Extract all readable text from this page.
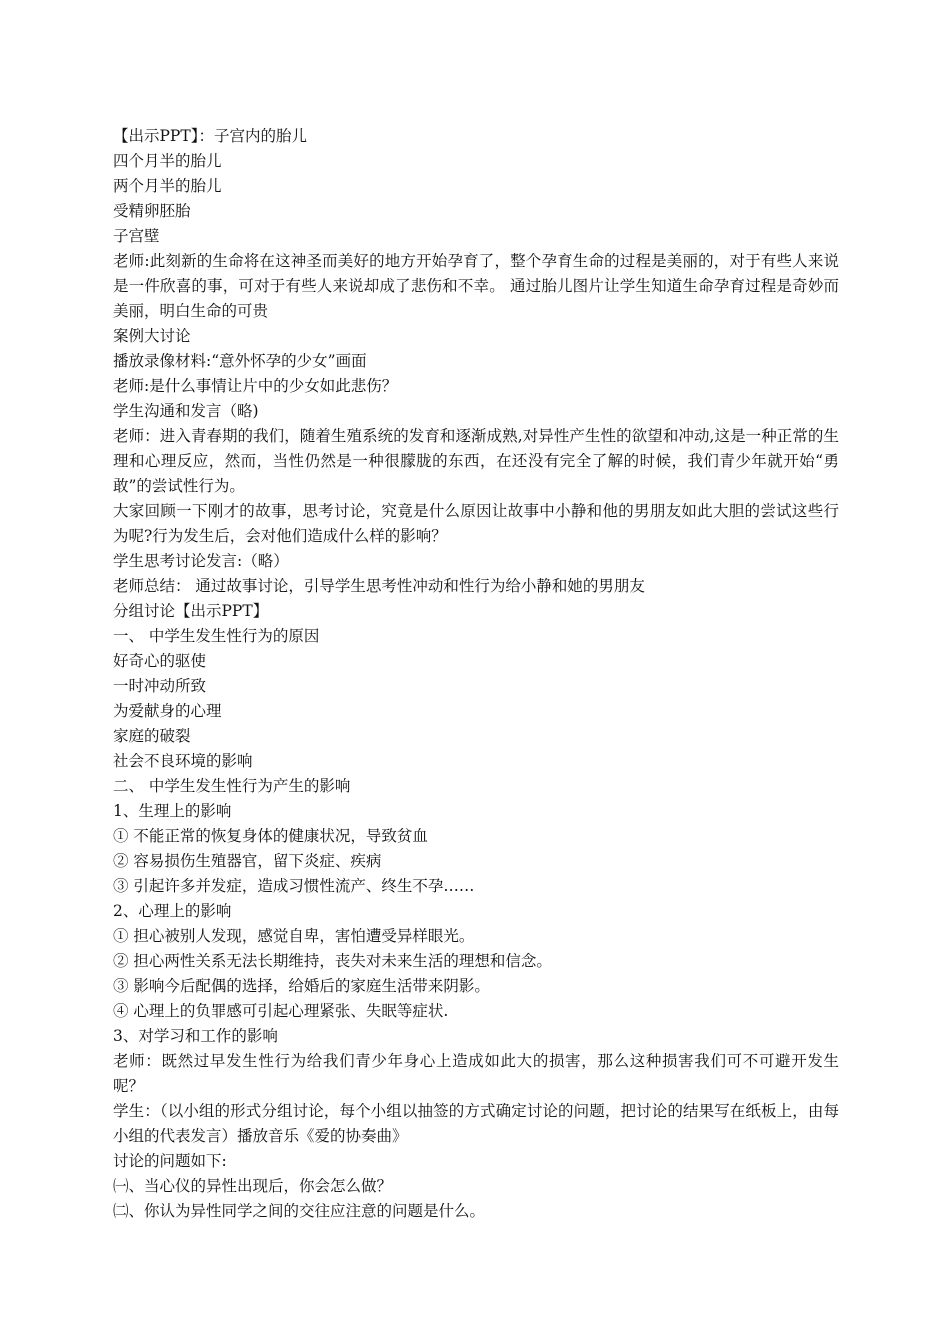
【出示PPT】：子宫内的胎儿

四个月半的胎儿

两个月半的胎儿

受精卵胚胎

子宫壁

老师:此刻新的生命将在这神圣而美好的地方开始孕育了，整个孕育生命的过程是美丽的，对于有些人来说是一件欣喜的事，可对于有些人来说却成了悲伤和不幸。 通过胎儿图片让学生知道生命孕育过程是奇妙而美丽，明白生命的可贵

案例大讨论

播放录像材料:“意外怀孕的少女”画面

老师:是什么事情让片中的少女如此悲伤？

学生沟通和发言（略)

老师：进入青春期的我们，随着生殖系统的发育和逐渐成熟,对异性产生性的欲望和冲动,这是一种正常的生理和心理反应，然而，当性仍然是一种很朦胧的东西，在还没有完全了解的时候，我们青少年就开始“勇敢”的尝试性行为。

大家回顾一下刚才的故事，思考讨论，究竟是什么原因让故事中小静和他的男朋友如此大胆的尝试这些行为呢?行为发生后，会对他们造成什么样的影响？

学生思考讨论发言:（略）

老师总结： 通过故事讨论，引导学生思考性冲动和性行为给小静和她的男朋友

分组讨论【出示PPT】

一、 中学生发生性行为的原因

好奇心的驱使

一时冲动所致

为爱献身的心理

家庭的破裂

社会不良环境的影响

二、 中学生发生性行为产生的影响

1、生理上的影响

① 不能正常的恢复身体的健康状况，导致贫血

② 容易损伤生殖器官，留下炎症、疾病

③ 引起许多并发症，造成习惯性流产、终生不孕……

2、心理上的影响

① 担心被别人发现，感觉自卑，害怕遭受异样眼光。

② 担心两性关系无法长期维持，丧失对未来生活的理想和信念。

③ 影响今后配偶的选择，给婚后的家庭生活带来阴影。

④ 心理上的负罪感可引起心理紧张、失眠等症状.

3、对学习和工作的影响

老师：既然过早发生性行为给我们青少年身心上造成如此大的损害，那么这种损害我们可不可避开发生呢？

学生：（以小组的形式分组讨论，每个小组以抽签的方式确定讨论的问题，把讨论的结果写在纸板上，由每小组的代表发言）播放音乐《爱的协奏曲》

讨论的问题如下:

㈠、当心仪的异性出现后，你会怎么做？

㈡、你认为异性同学之间的交往应注意的问题是什么。
